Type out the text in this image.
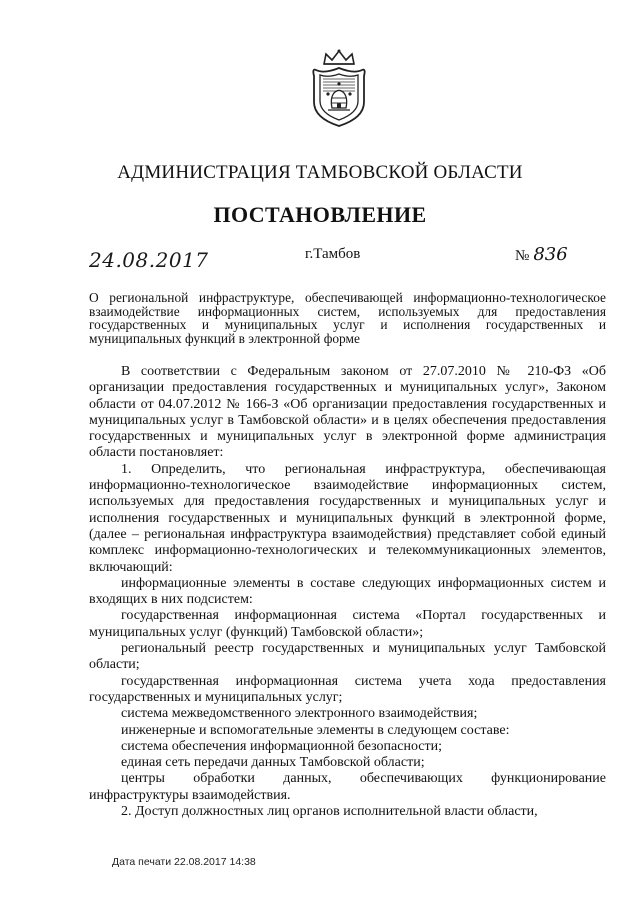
АДМИНИСТРАЦИЯ ТАМБОВСКОЙ ОБЛАСТИ
ПОСТАНОВЛЕНИЕ
24.08.2017	г.Тамбов	№ 836
О региональной инфраструктуре, обеспечивающей информационно-технологическое взаимодействие информационных систем, используемых для предоставления государственных и муниципальных услуг и исполнения государственных и муниципальных функций в электронной форме

В соответствии с Федеральным законом от 27.07.2010 № 210-ФЗ «Об организации предоставления государственных и муниципальных услуг», Законом области от 04.07.2012 № 166-З «Об организации предоставления государственных и муниципальных услуг в Тамбовской области» и в целях обеспечения предоставления государственных и муниципальных услуг в электронной форме администрация области постановляет:

1. Определить, что региональная инфраструктура, обеспечивающая информационно-технологическое взаимодействие информационных систем, используемых для предоставления государственных и муниципальных услуг и исполнения государственных и муниципальных функций в электронной форме, (далее – региональная инфраструктура взаимодействия) представляет собой единый комплекс информационно-технологических и телекоммуникационных элементов, включающий:

информационные элементы в составе следующих информационных систем и входящих в них подсистем:

государственная информационная система «Портал государственных и муниципальных услуг (функций) Тамбовской области»;

региональный реестр государственных и муниципальных услуг Тамбовской области;

государственная информационная система учета хода предоставления государственных и муниципальных услуг;

система межведомственного электронного взаимодействия;

инженерные и вспомогательные элементы в следующем составе:

система обеспечения информационной безопасности;

единая сеть передачи данных Тамбовской области;

центры обработки данных, обеспечивающих функционирование инфраструктуры взаимодействия.

2. Доступ должностных лиц органов исполнительной власти области,

Дата печати 22.08.2017 14:38
